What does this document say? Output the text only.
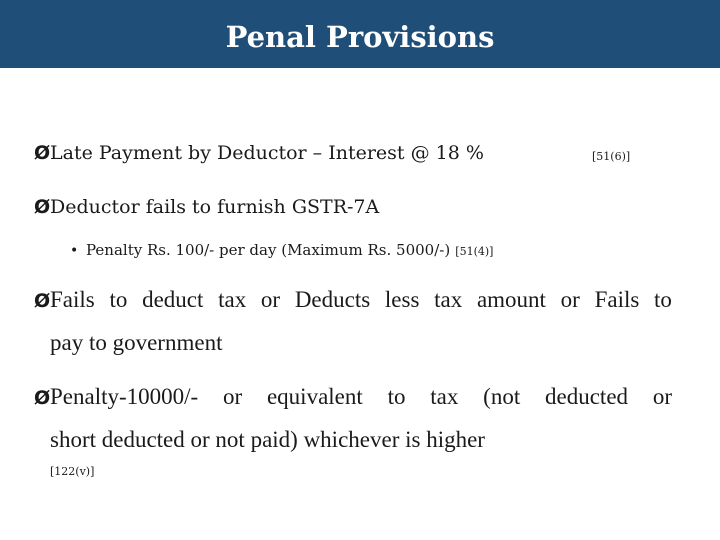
Penal Provisions
ØLate Payment by Deductor – Interest @ 18 %	[51(6)]
ØDeductor fails to furnish GSTR-7A
• Penalty Rs. 100/- per day (Maximum Rs. 5000/-) [51(4)]
ØFails to deduct tax or Deducts less tax amount or Fails to
pay to government
ØPenalty-10000/- or equivalent to tax (not deducted or
short deducted or not paid) whichever is higher
[122(v)]
